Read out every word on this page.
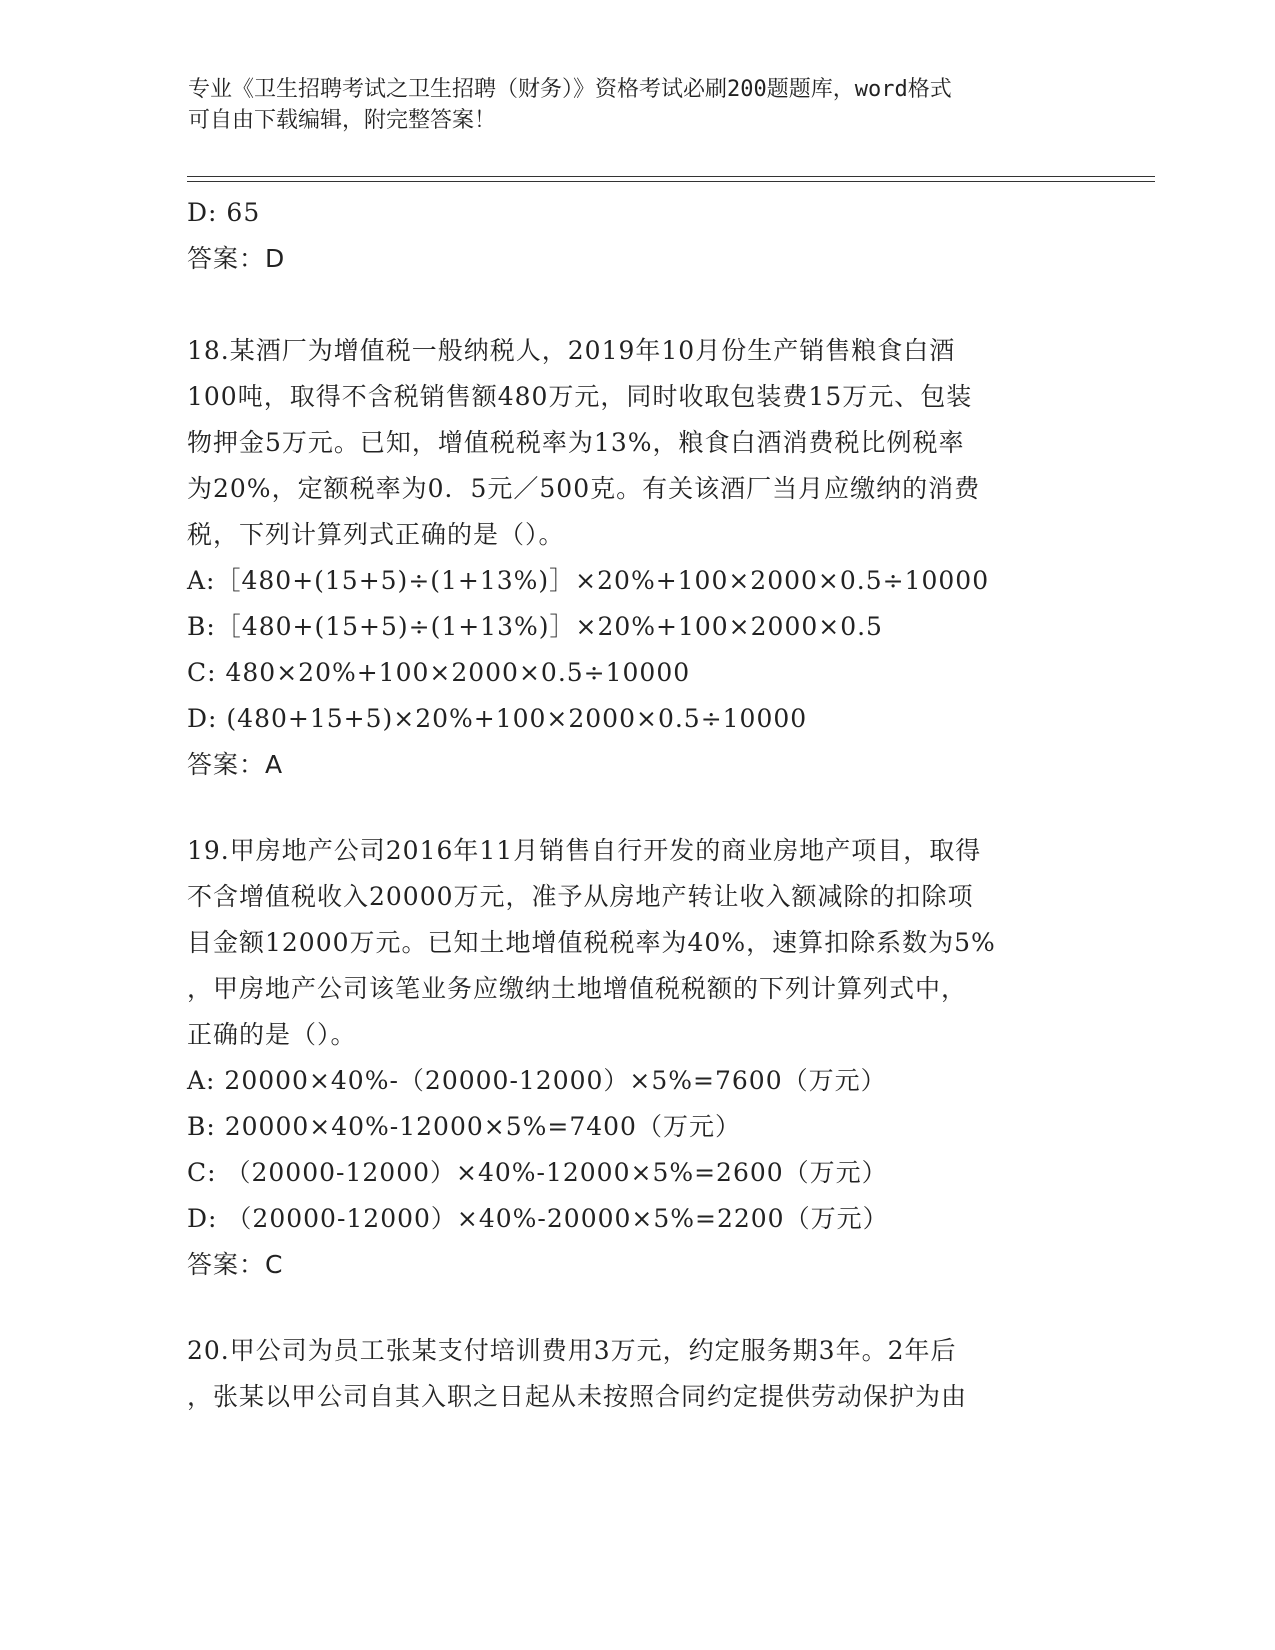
专业《卫生招聘考试之卫生招聘（财务）》资格考试必刷200题题库，word格式
可自由下载编辑，附完整答案！
D: 65
答案：D
18.某酒厂为增值税一般纳税人，2019年10月份生产销售粮食白酒
100吨，取得不含税销售额480万元，同时收取包装费15万元、包装
物押金5万元。已知，增值税税率为13%，粮食白酒消费税比例税率
为20%，定额税率为0．5元／500克。有关该酒厂当月应缴纳的消费
税，下列计算列式正确的是（）。
A:［480+(15+5)÷(1+13%)］×20%+100×2000×0.5÷10000
B:［480+(15+5)÷(1+13%)］×20%+100×2000×0.5
C: 480×20%+100×2000×0.5÷10000
D: (480+15+5)×20%+100×2000×0.5÷10000
答案：A
19.甲房地产公司2016年11月销售自行开发的商业房地产项目，取得
不含增值税收入20000万元，准予从房地产转让收入额减除的扣除项
目金额12000万元。已知土地增值税税率为40%，速算扣除系数为5%
，甲房地产公司该笔业务应缴纳土地增值税税额的下列计算列式中，
正确的是（）。
A: 20000×40%-（20000-12000）×5%=7600（万元）
B: 20000×40%-12000×5%=7400（万元）
C: （20000-12000）×40%-12000×5%=2600（万元）
D: （20000-12000）×40%-20000×5%=2200（万元）
答案：C
20.甲公司为员工张某支付培训费用3万元，约定服务期3年。2年后
，张某以甲公司自其入职之日起从未按照合同约定提供劳动保护为由
